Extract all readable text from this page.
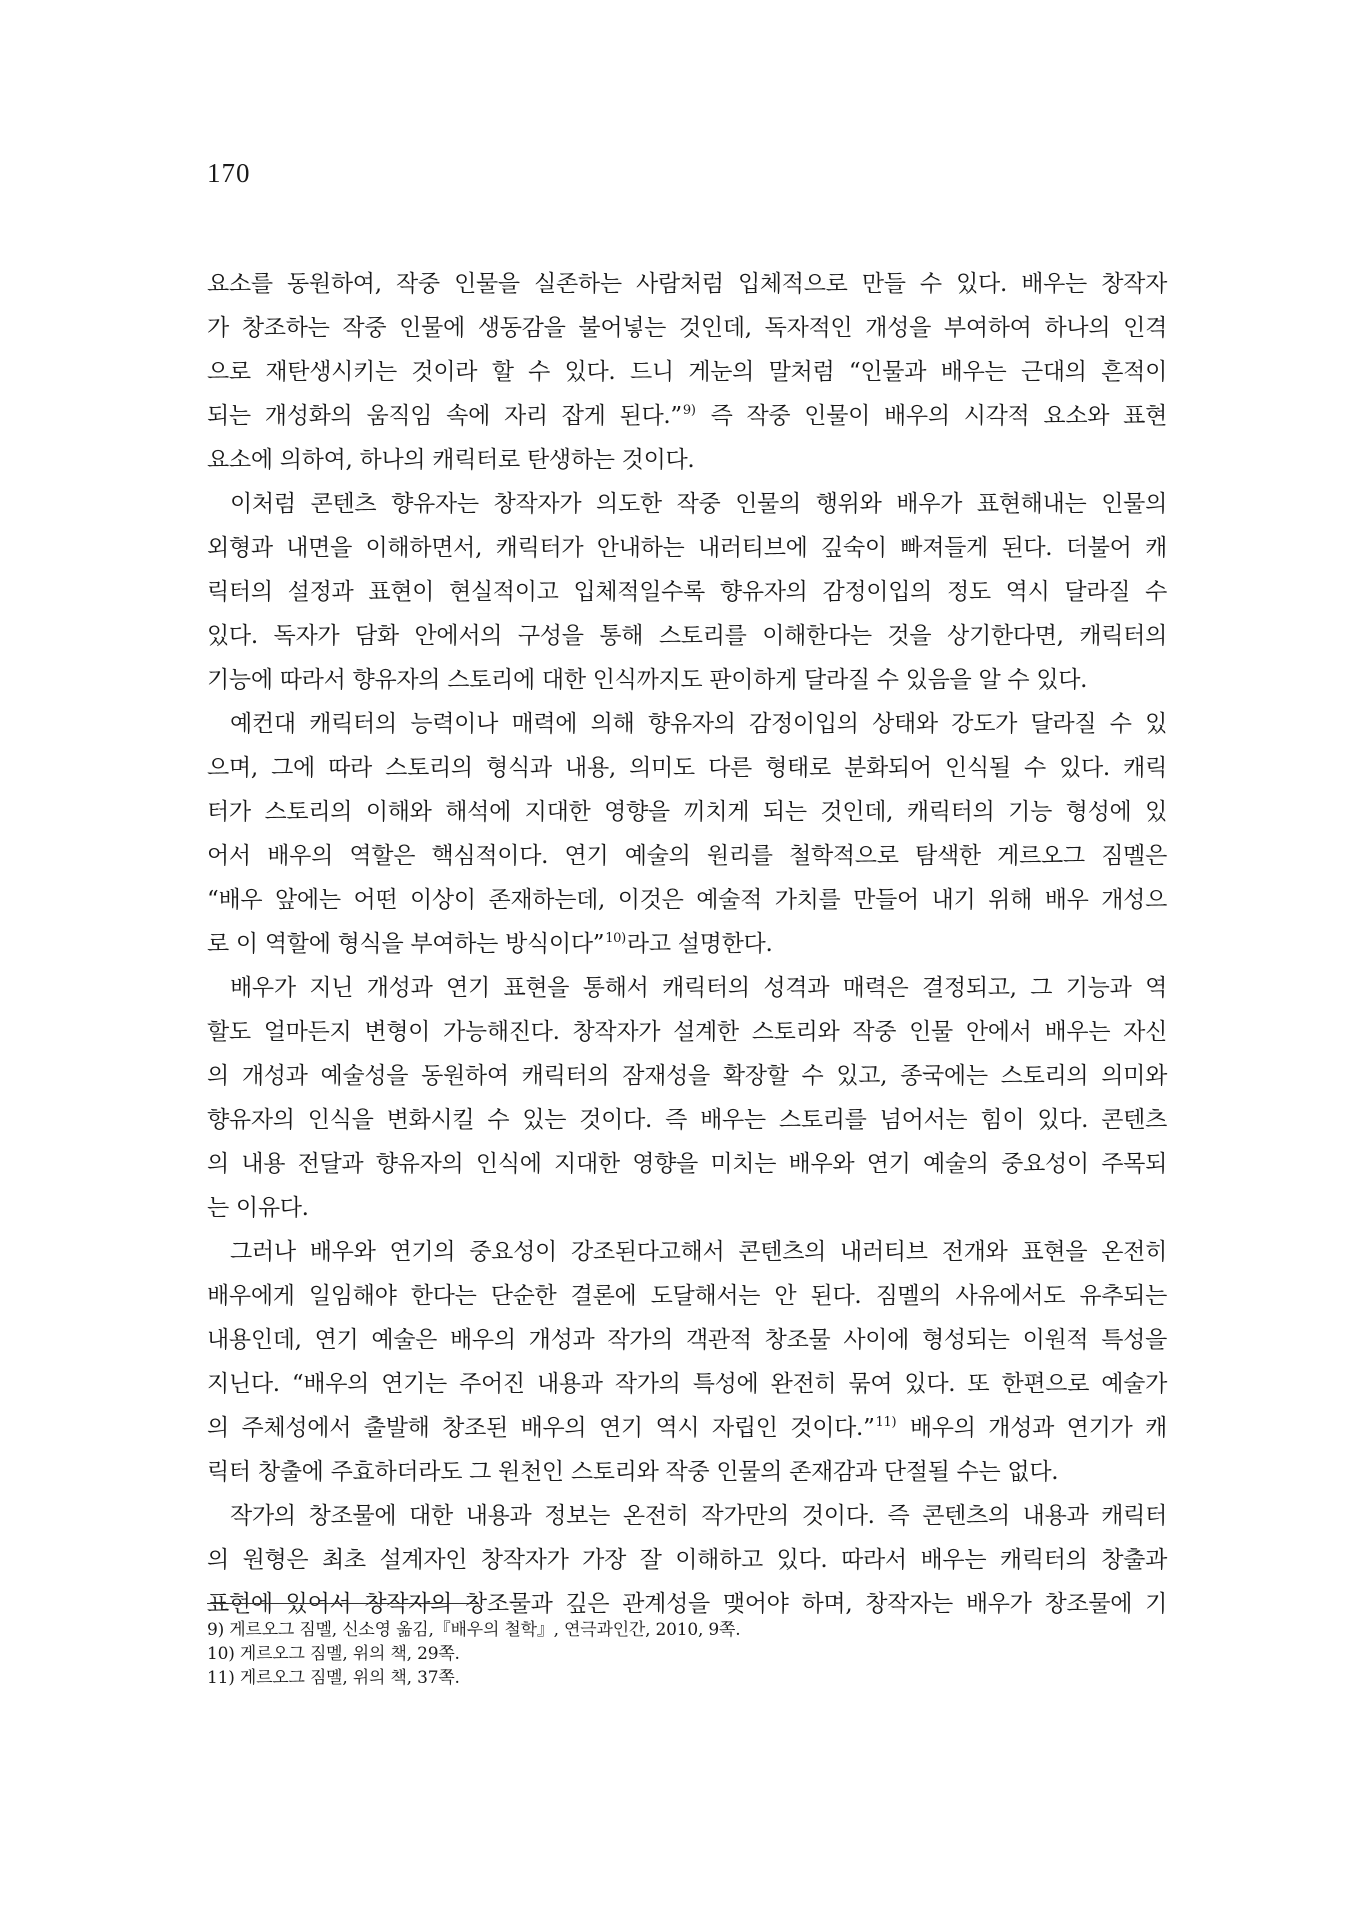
170
요소를 동원하여, 작중 인물을 실존하는 사람처럼 입체적으로 만들 수 있다. 배우는 창작자
가 창조하는 작중 인물에 생동감을 불어넣는 것인데, 독자적인 개성을 부여하여 하나의 인격
으로 재탄생시키는 것이라 할 수 있다. 드니 게눈의 말처럼 “인물과 배우는 근대의 흔적이
되는 개성화의 움직임 속에 자리 잡게 된다.”$^{9)}$ 즉 작중 인물이 배우의 시각적 요소와 표현
요소에 의하여, 하나의 캐릭터로 탄생하는 것이다.
이처럼 콘텐츠 향유자는 창작자가 의도한 작중 인물의 행위와 배우가 표현해내는 인물의
외형과 내면을 이해하면서, 캐릭터가 안내하는 내러티브에 깊숙이 빠져들게 된다. 더불어 캐
릭터의 설정과 표현이 현실적이고 입체적일수록 향유자의 감정이입의 정도 역시 달라질 수
있다. 독자가 담화 안에서의 구성을 통해 스토리를 이해한다는 것을 상기한다면, 캐릭터의
기능에 따라서 향유자의 스토리에 대한 인식까지도 판이하게 달라질 수 있음을 알 수 있다.
예컨대 캐릭터의 능력이나 매력에 의해 향유자의 감정이입의 상태와 강도가 달라질 수 있
으며, 그에 따라 스토리의 형식과 내용, 의미도 다른 형태로 분화되어 인식될 수 있다. 캐릭
터가 스토리의 이해와 해석에 지대한 영향을 끼치게 되는 것인데, 캐릭터의 기능 형성에 있
어서 배우의 역할은 핵심적이다. 연기 예술의 원리를 철학적으로 탐색한 게르오그 짐멜은
“배우 앞에는 어떤 이상이 존재하는데, 이것은 예술적 가치를 만들어 내기 위해 배우 개성으
로 이 역할에 형식을 부여하는 방식이다”$^{10)}$라고 설명한다.
배우가 지닌 개성과 연기 표현을 통해서 캐릭터의 성격과 매력은 결정되고, 그 기능과 역
할도 얼마든지 변형이 가능해진다. 창작자가 설계한 스토리와 작중 인물 안에서 배우는 자신
의 개성과 예술성을 동원하여 캐릭터의 잠재성을 확장할 수 있고, 종국에는 스토리의 의미와
향유자의 인식을 변화시킬 수 있는 것이다. 즉 배우는 스토리를 넘어서는 힘이 있다. 콘텐츠
의 내용 전달과 향유자의 인식에 지대한 영향을 미치는 배우와 연기 예술의 중요성이 주목되
는 이유다.
그러나 배우와 연기의 중요성이 강조된다고해서 콘텐츠의 내러티브 전개와 표현을 온전히
배우에게 일임해야 한다는 단순한 결론에 도달해서는 안 된다. 짐멜의 사유에서도 유추되는
내용인데, 연기 예술은 배우의 개성과 작가의 객관적 창조물 사이에 형성되는 이원적 특성을
지닌다. “배우의 연기는 주어진 내용과 작가의 특성에 완전히 묶여 있다. 또 한편으로 예술가
의 주체성에서 출발해 창조된 배우의 연기 역시 자립인 것이다.”$^{11)}$ 배우의 개성과 연기가 캐
릭터 창출에 주효하더라도 그 원천인 스토리와 작중 인물의 존재감과 단절될 수는 없다.
작가의 창조물에 대한 내용과 정보는 온전히 작가만의 것이다. 즉 콘텐츠의 내용과 캐릭터
의 원형은 최초 설계자인 창작자가 가장 잘 이해하고 있다. 따라서 배우는 캐릭터의 창출과
표현에 있어서 창작자의 창조물과 깊은 관계성을 맺어야 하며, 창작자는 배우가 창조물에 기
9) 게르오그 짐멜, 신소영 옮김,『배우의 철학』, 연극과인간, 2010, 9쪽.
10) 게르오그 짐멜, 위의 책, 29쪽.
11) 게르오그 짐멜, 위의 책, 37쪽.
